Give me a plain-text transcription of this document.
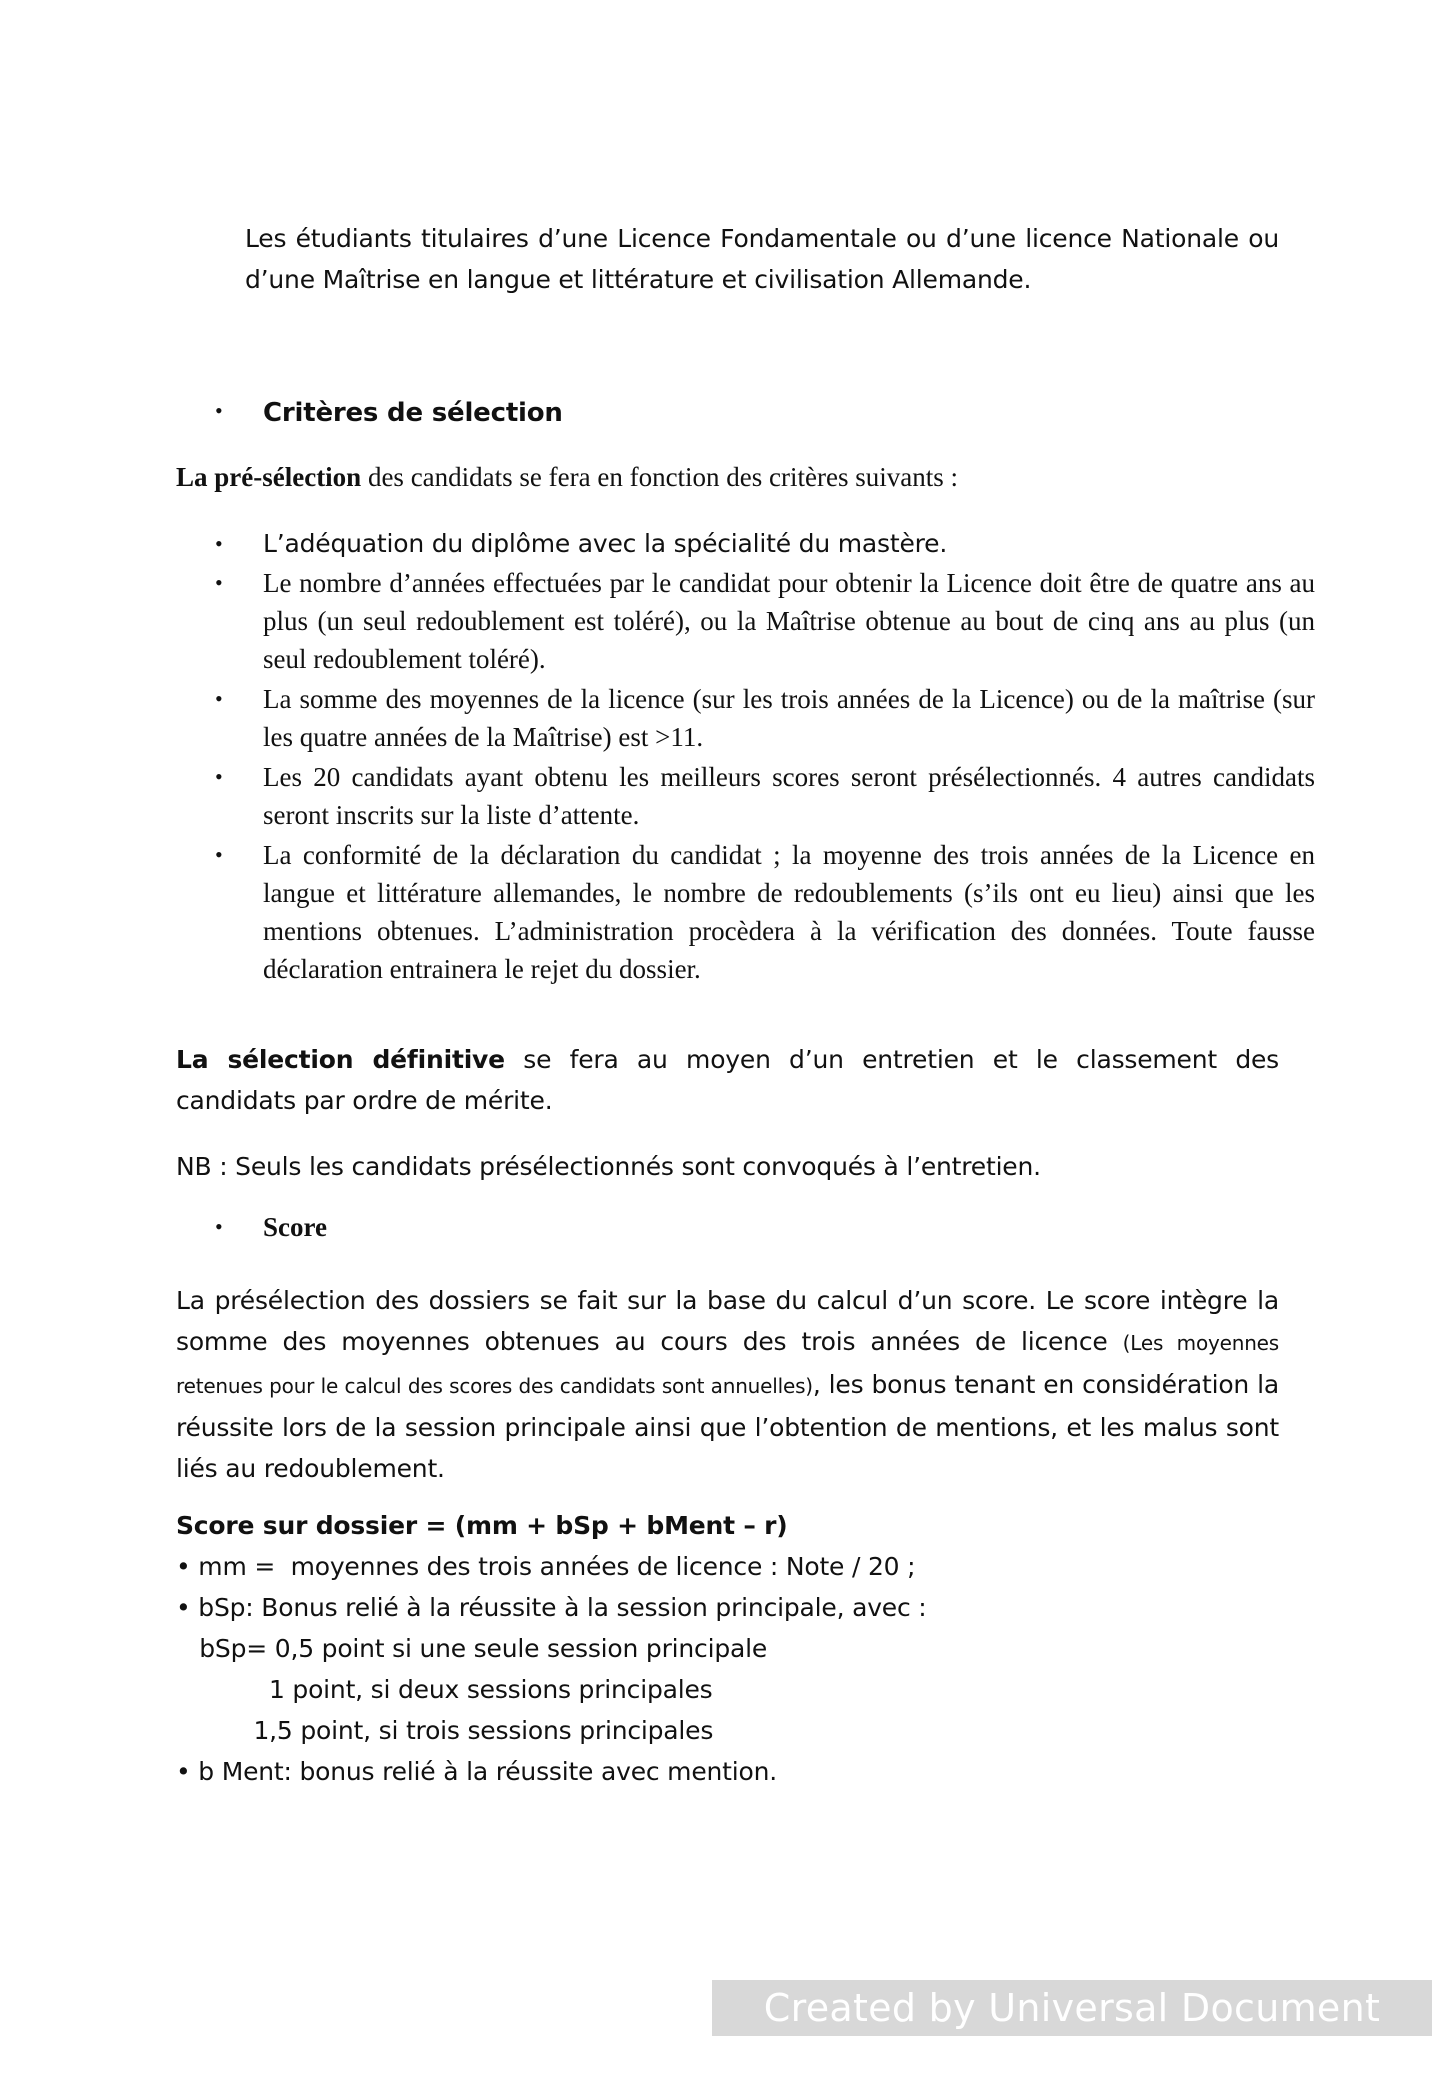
Les étudiants titulaires d’une Licence Fondamentale ou d’une licence Nationale ou d’une Maîtrise en langue et littérature et civilisation Allemande.
• Critères de sélection
La pré-sélection des candidats se fera en fonction des critères suivants :
• L’adéquation du diplôme avec la spécialité du mastère.
• Le nombre d’années effectuées par le candidat pour obtenir la Licence doit être de quatre ans au plus (un seul redoublement est toléré), ou la Maîtrise obtenue au bout de cinq ans au plus (un seul redoublement toléré).
• La somme des moyennes de la licence (sur les trois années de la Licence) ou de la maîtrise (sur les quatre années de la Maîtrise) est >11.
• Les 20 candidats ayant obtenu les meilleurs scores seront présélectionnés. 4 autres candidats seront inscrits sur la liste d’attente.
• La conformité de la déclaration du candidat ; la moyenne des trois années de la Licence en langue et littérature allemandes, le nombre de redoublements (s’ils ont eu lieu) ainsi que les mentions obtenues. L’administration procèdera à la vérification des données. Toute fausse déclaration entrainera le rejet du dossier.
La sélection définitive se fera au moyen d’un entretien et le classement des candidats par ordre de mérite.
NB : Seuls les candidats présélectionnés sont convoqués à l’entretien.
• Score
La présélection des dossiers se fait sur la base du calcul d’un score. Le score intègre la somme des moyennes obtenues au cours des trois années de licence (Les moyennes retenues pour le calcul des scores des candidats sont annuelles), les bonus tenant en considération la réussite lors de la session principale ainsi que l’obtention de mentions, et les malus sont liés au redoublement.
Score sur dossier = (mm + bSp + bMent – r)
• mm =  moyennes des trois années de licence : Note / 20 ;
• bSp: Bonus relié à la réussite à la session principale, avec :
bSp= 0,5 point si une seule session principale
1 point, si deux sessions principales
1,5 point, si trois sessions principales
• b Ment: bonus relié à la réussite avec mention.
Created by Universal Document Converter
